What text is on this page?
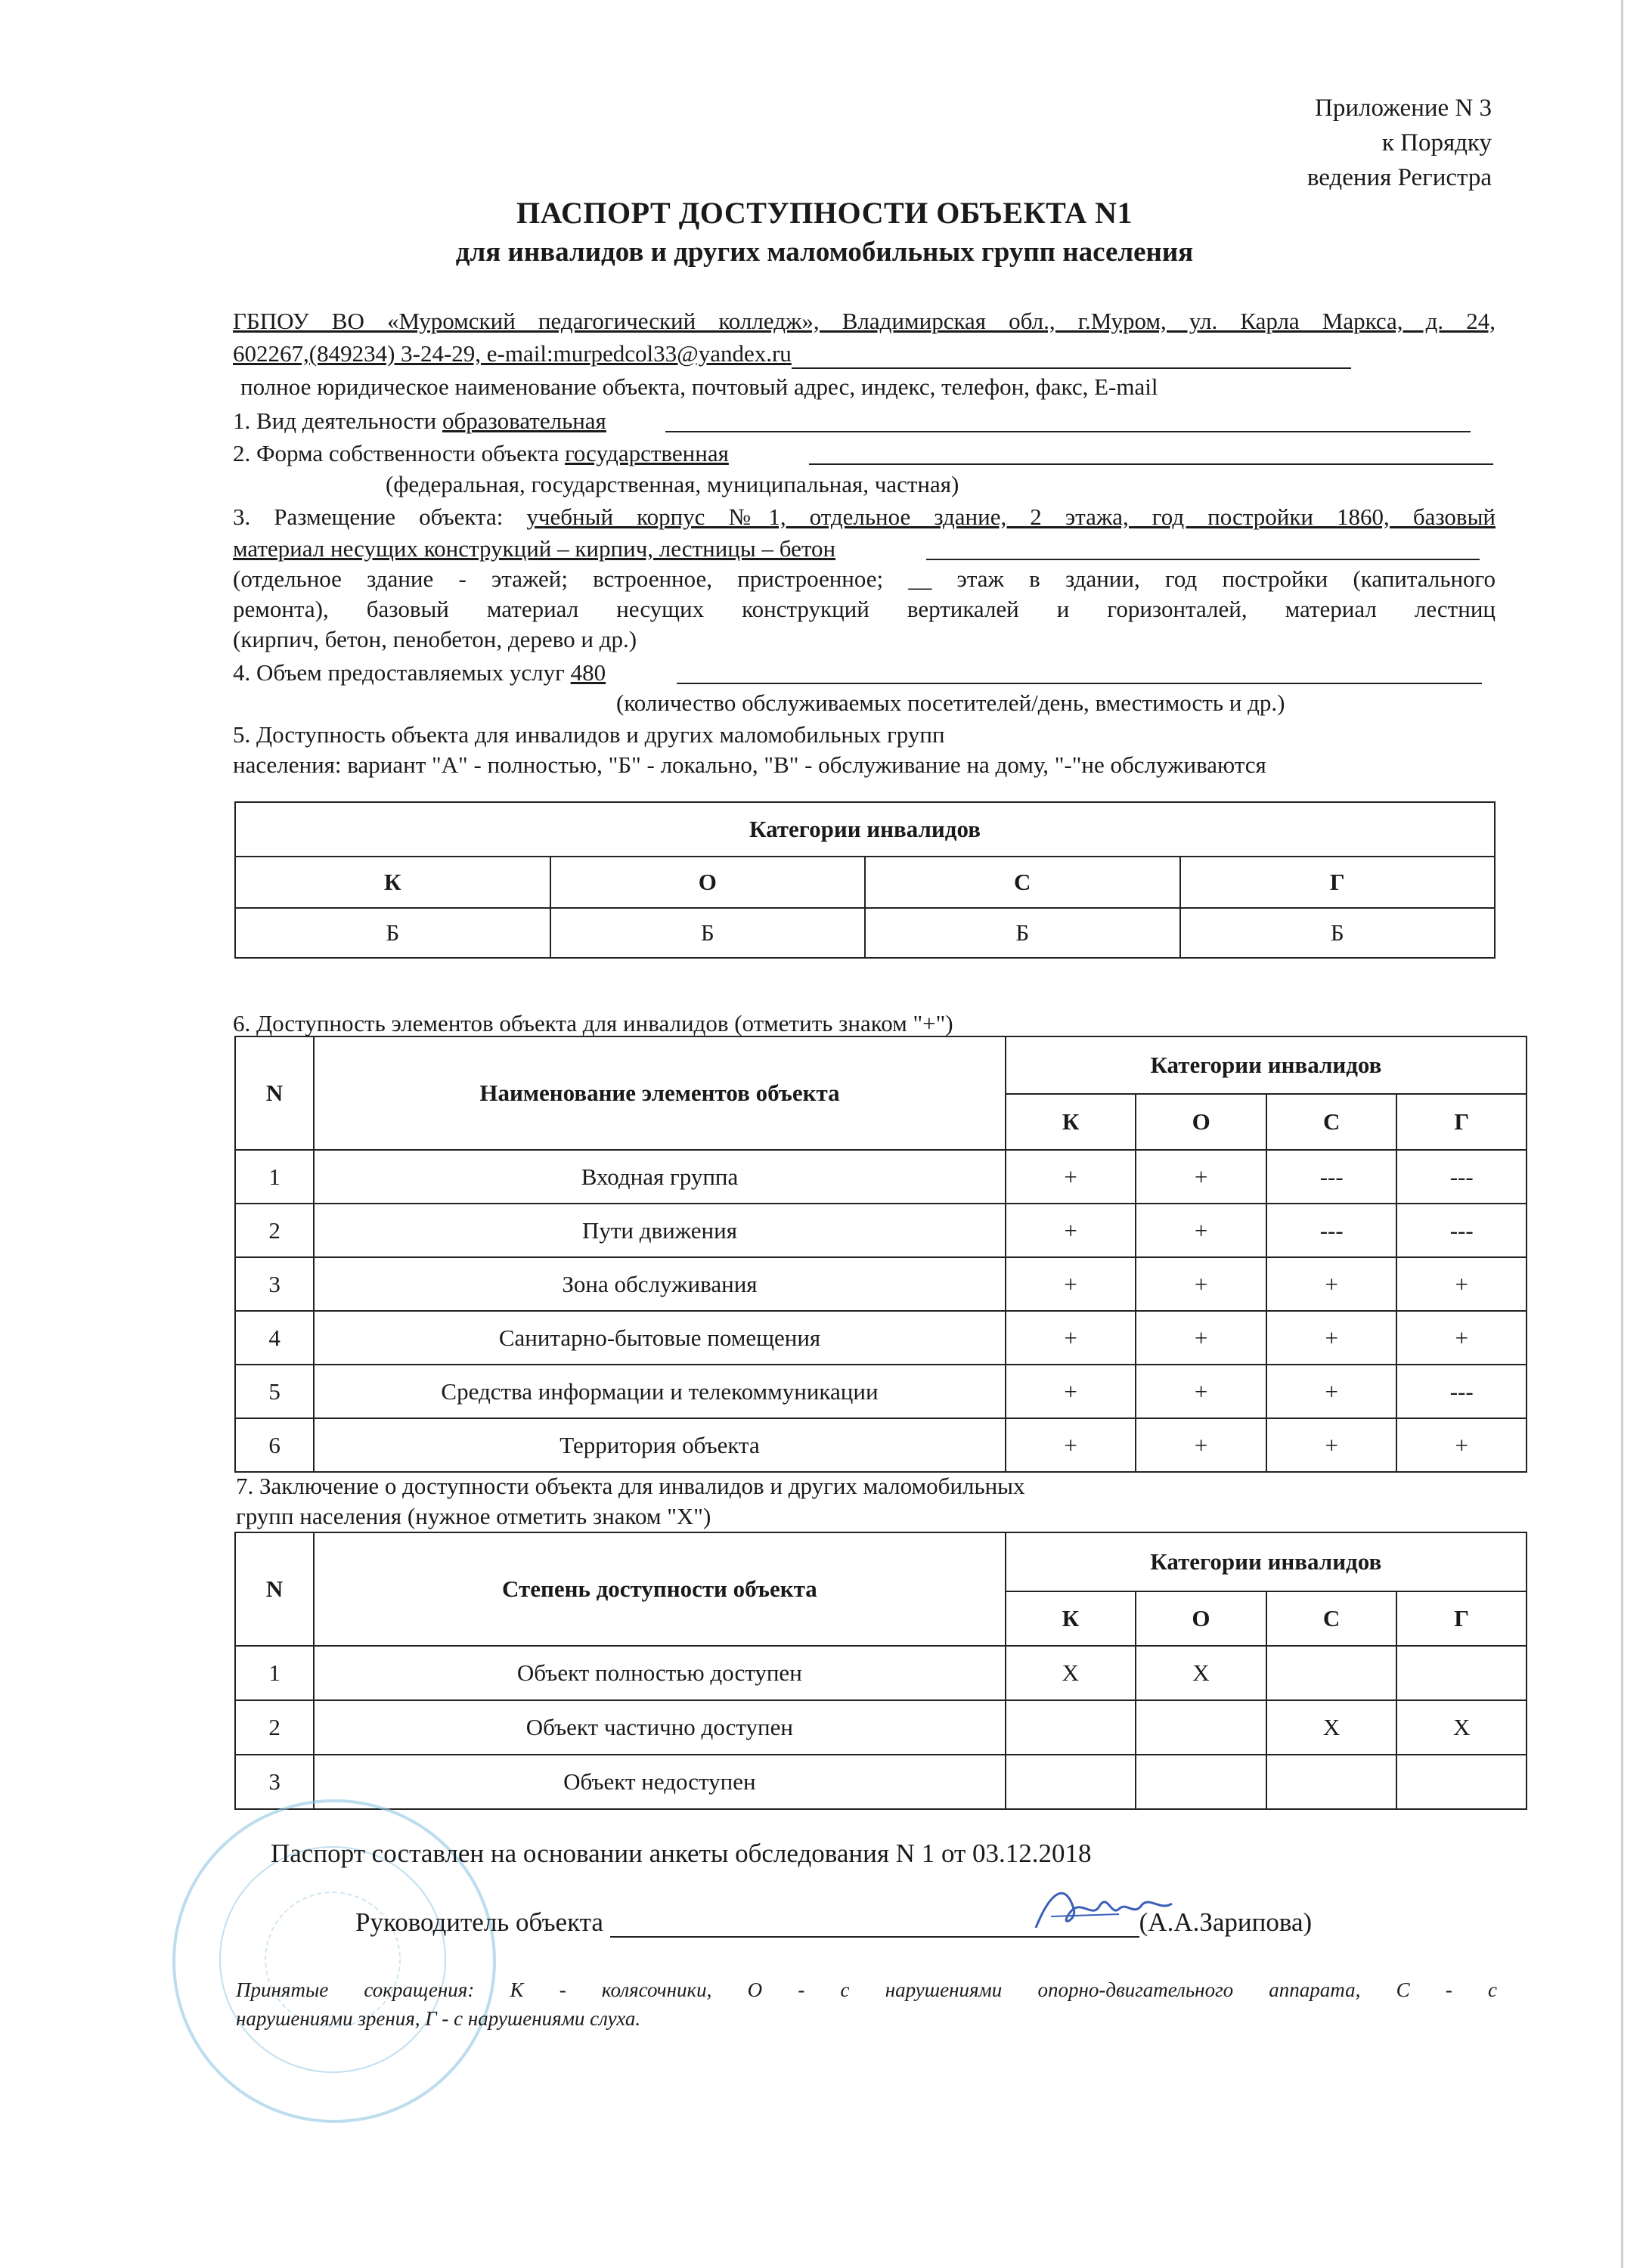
Приложение N 3
к Порядку
ведения Регистра
ПАСПОРТ ДОСТУПНОСТИ ОБЪЕКТА N1
для инвалидов и других маломобильных групп населения
ГБПОУ ВО «Муромский педагогический колледж», Владимирская обл., г.Муром, ул. Карла Маркса, д. 24,
602267,(849234) 3-24-29, e-mail:murpedcol33@yandex.ru
полное юридическое наименование объекта, почтовый адрес, индекс, телефон, факс, E-mail
1. Вид деятельности образовательная
2. Форма собственности объекта государственная
(федеральная, государственная, муниципальная, частная)
3. Размещение объекта: учебный корпус №1, отдельное здание, 2 этажа, год постройки 1860, базовый
материал несущих конструкций – кирпич, лестницы – бетон
(отдельное здание - этажей; встроенное, пристроенное; __ этаж в здании, год постройки (капитального
ремонта), базовый материал несущих конструкций вертикалей и горизонталей, материал лестниц
(кирпич, бетон, пенобетон, дерево и др.)
4. Объем предоставляемых услуг 480
(количество обслуживаемых посетителей/день, вместимость и др.)
5. Доступность объекта для инвалидов и других маломобильных групп
населения: вариант "А" - полностью, "Б" - локально, "В" - обслуживание на дому, "-"не обслуживаются
Категории инвалидов			
К	О	С	Г
Б	Б	Б	Б
6. Доступность элементов объекта для инвалидов (отметить знаком "+")
N	Наименование элементов объекта	Категории инвалидов			
		К	О	С	Г
1	Входная группа	+	+	---	---
2	Пути движения	+	+	---	---
3	Зона обслуживания	+	+	+	+
4	Санитарно-бытовые помещения	+	+	+	+
5	Средства информации и телекоммуникации	+	+	+	---
6	Территория объекта	+	+	+	+
7. Заключение о доступности объекта для инвалидов и других маломобильных
групп населения (нужное отметить знаком "X")
N	Степень доступности объекта	Категории инвалидов			
		К	О	С	Г
1	Объект полностью доступен	Х	Х		
2	Объект частично доступен			Х	Х
3	Объект недоступен				
Паспорт составлен на основании анкеты обследования N 1 от 03.12.2018
Руководитель объекта	(А.А.Зарипова)
Принятые сокращения: К - колясочники, О - с нарушениями опорно-двигательного аппарата, С - с
нарушениями зрения, Г - с нарушениями слуха.
